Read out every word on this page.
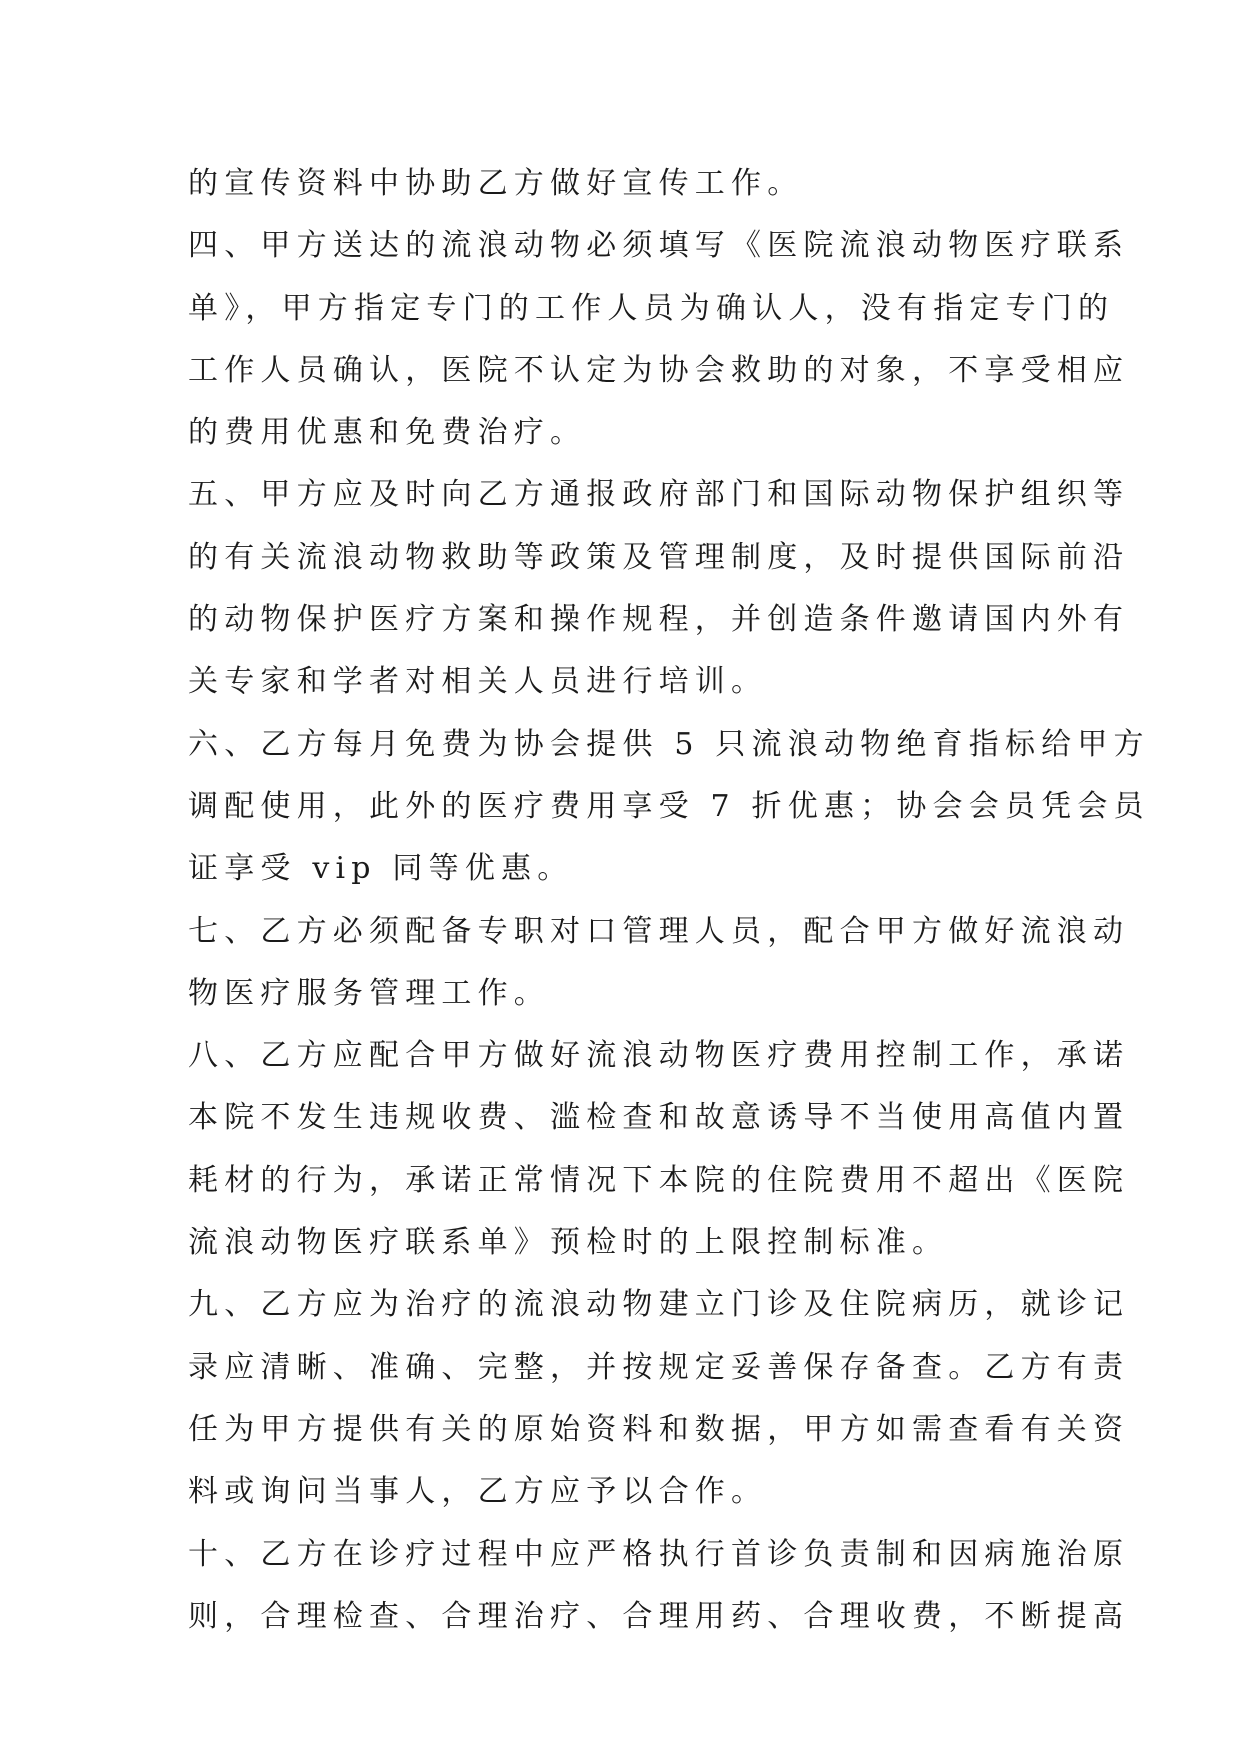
的宣传资料中协助乙方做好宣传工作。
四、甲方送达的流浪动物必须填写《医院流浪动物医疗联系
单》，甲方指定专门的工作人员为确认人，没有指定专门的
工作人员确认，医院不认定为协会救助的对象，不享受相应
的费用优惠和免费治疗。
五、甲方应及时向乙方通报政府部门和国际动物保护组织等
的有关流浪动物救助等政策及管理制度，及时提供国际前沿
的动物保护医疗方案和操作规程，并创造条件邀请国内外有
关专家和学者对相关人员进行培训。
六、乙方每月免费为协会提供 5 只流浪动物绝育指标给甲方
调配使用，此外的医疗费用享受 7 折优惠；协会会员凭会员
证享受 vip 同等优惠。
七、乙方必须配备专职对口管理人员，配合甲方做好流浪动
物医疗服务管理工作。
八、乙方应配合甲方做好流浪动物医疗费用控制工作，承诺
本院不发生违规收费、滥检查和故意诱导不当使用高值内置
耗材的行为，承诺正常情况下本院的住院费用不超出《医院
流浪动物医疗联系单》预检时的上限控制标准。
九、乙方应为治疗的流浪动物建立门诊及住院病历，就诊记
录应清晰、准确、完整，并按规定妥善保存备查。乙方有责
任为甲方提供有关的原始资料和数据，甲方如需查看有关资
料或询问当事人，乙方应予以合作。
十、乙方在诊疗过程中应严格执行首诊负责制和因病施治原
则，合理检查、合理治疗、合理用药、合理收费，不断提高
